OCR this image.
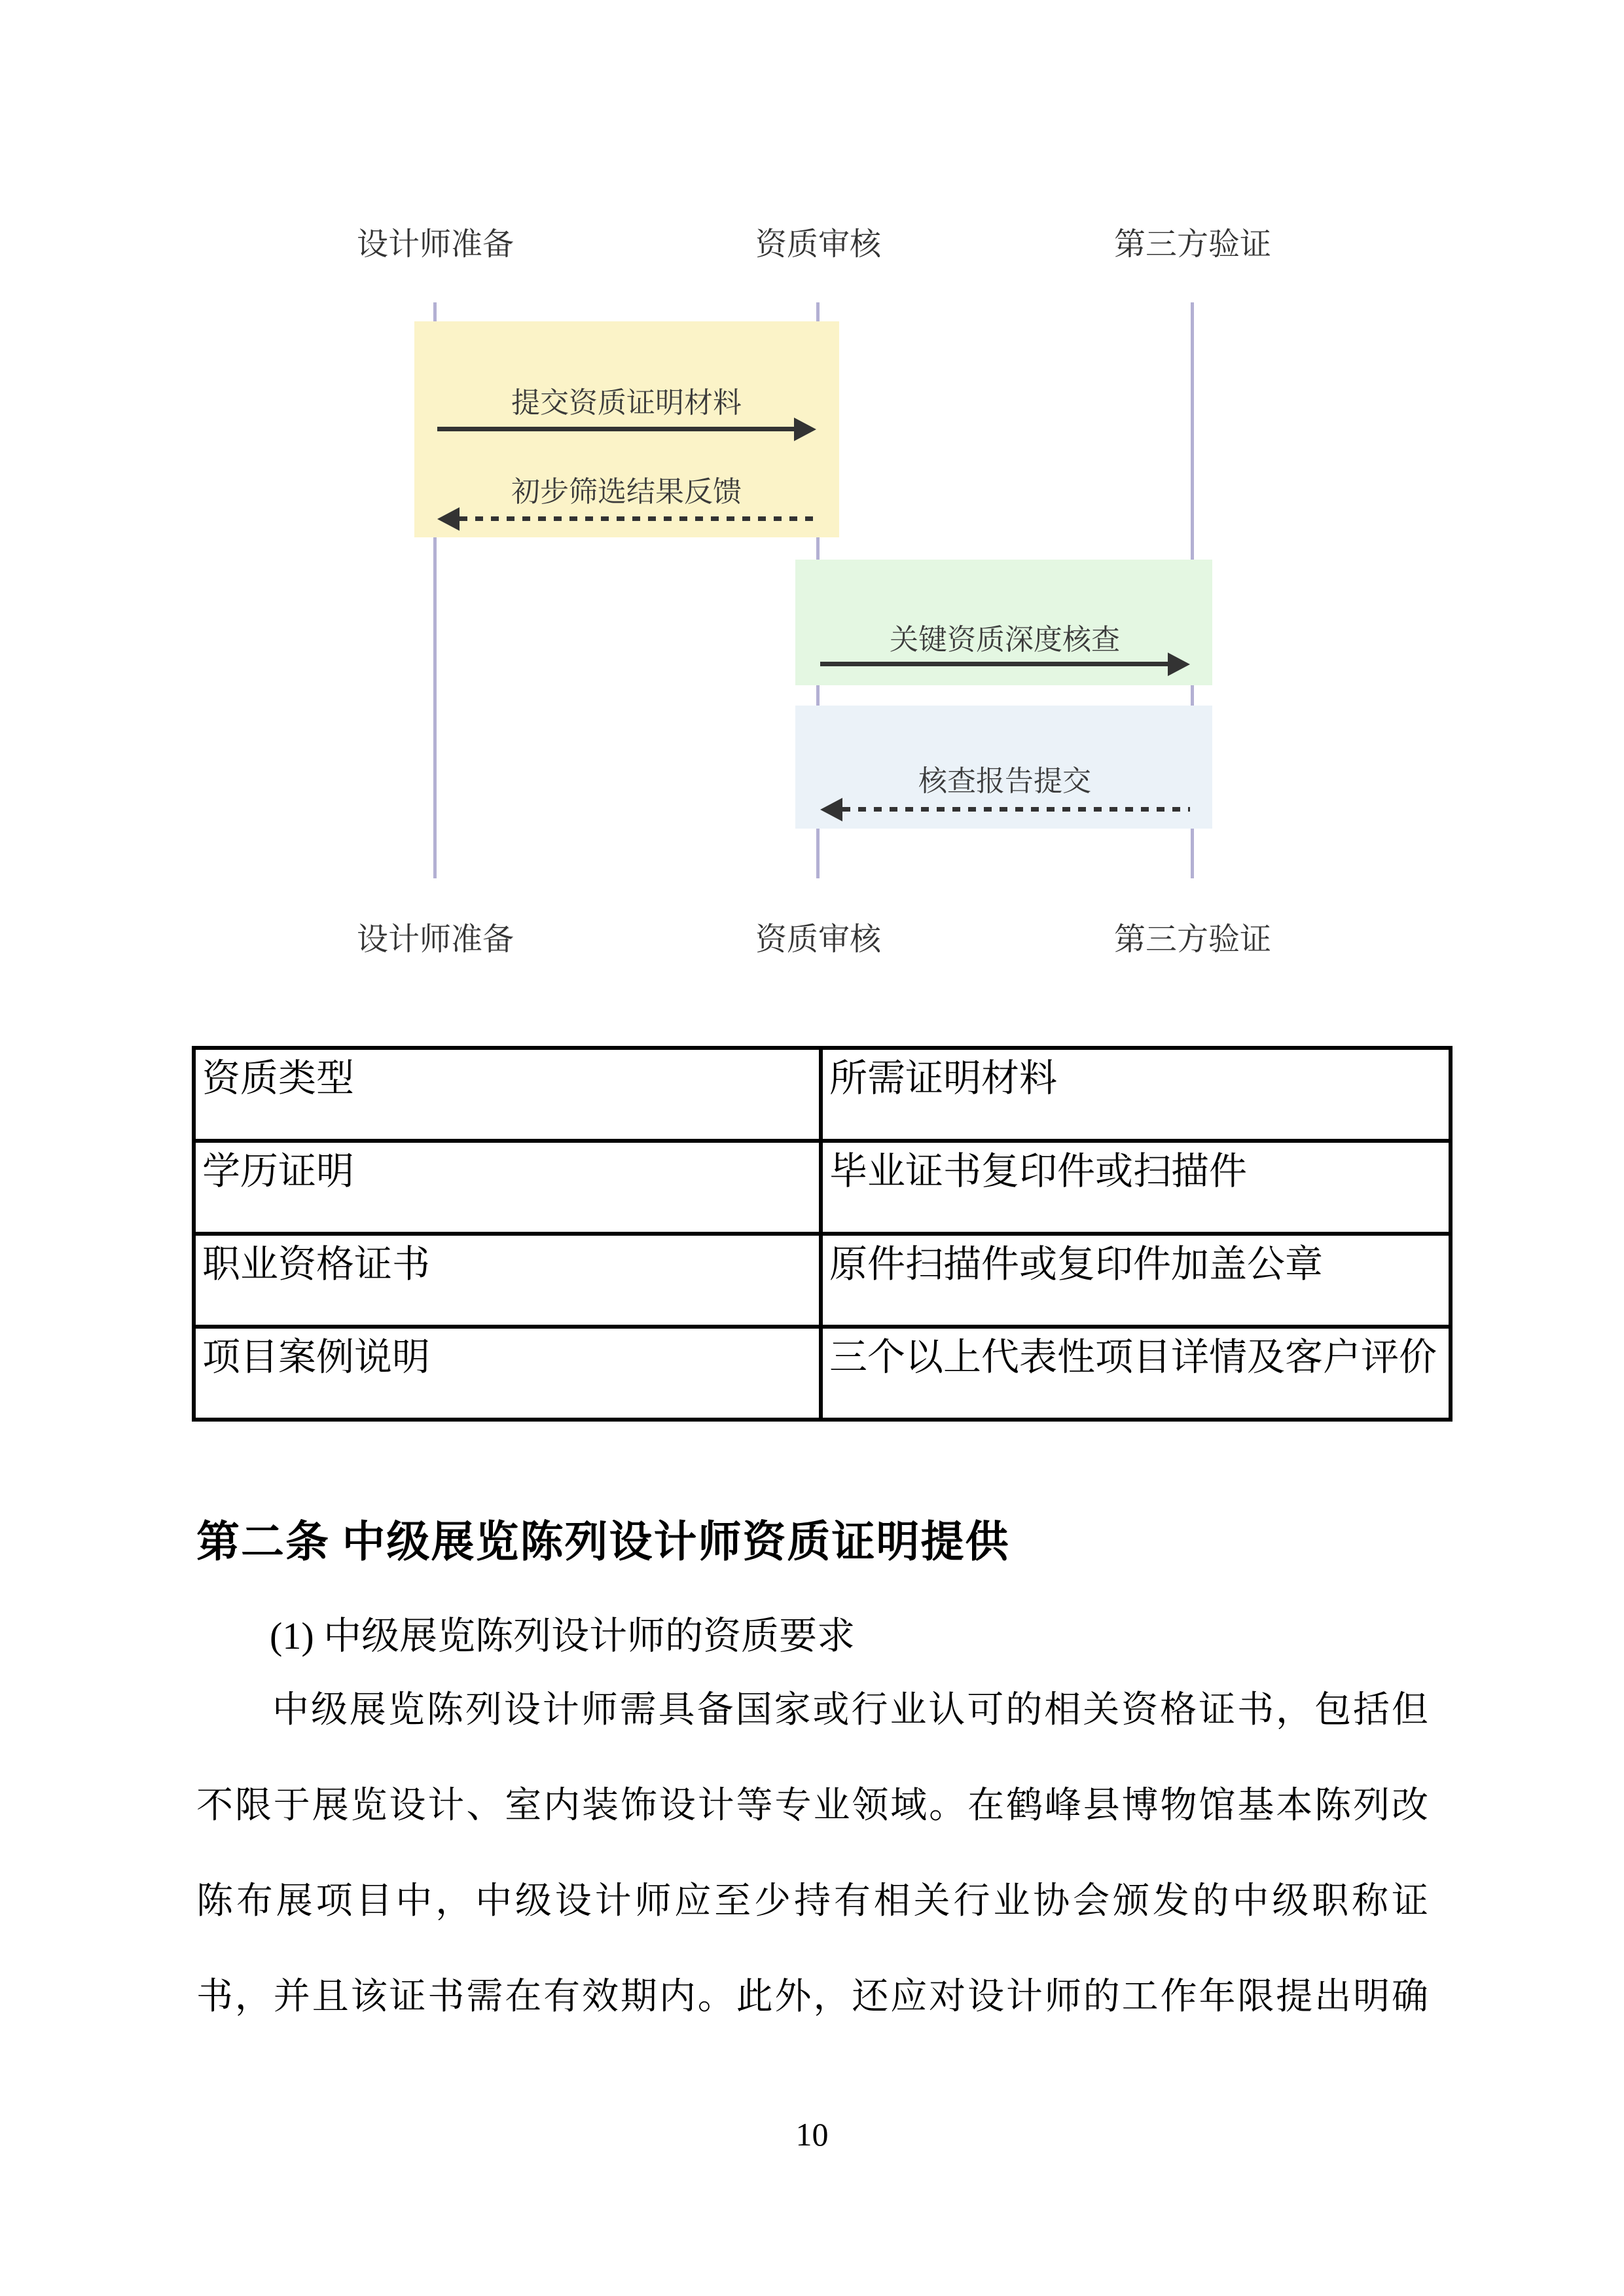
设计师准备	资质审核	第三方验证
提交资质证明材料
初步筛选结果反馈
关键资质深度核查
核查报告提交
设计师准备	资质审核	第三方验证
资质类型	所需证明材料
学历证明	毕业证书复印件或扫描件
职业资格证书	原件扫描件或复印件加盖公章
项目案例说明	三个以上代表性项目详情及客户评价
第二条 中级展览陈列设计师资质证明提供
(1) 中级展览陈列设计师的资质要求
中级展览陈列设计师需具备国家或行业认可的相关资格证书，包括但
不限于展览设计、室内装饰设计等专业领域。在鹤峰县博物馆基本陈列改
陈布展项目中，中级设计师应至少持有相关行业协会颁发的中级职称证
书，并且该证书需在有效期内。此外，还应对设计师的工作年限提出明确
10
